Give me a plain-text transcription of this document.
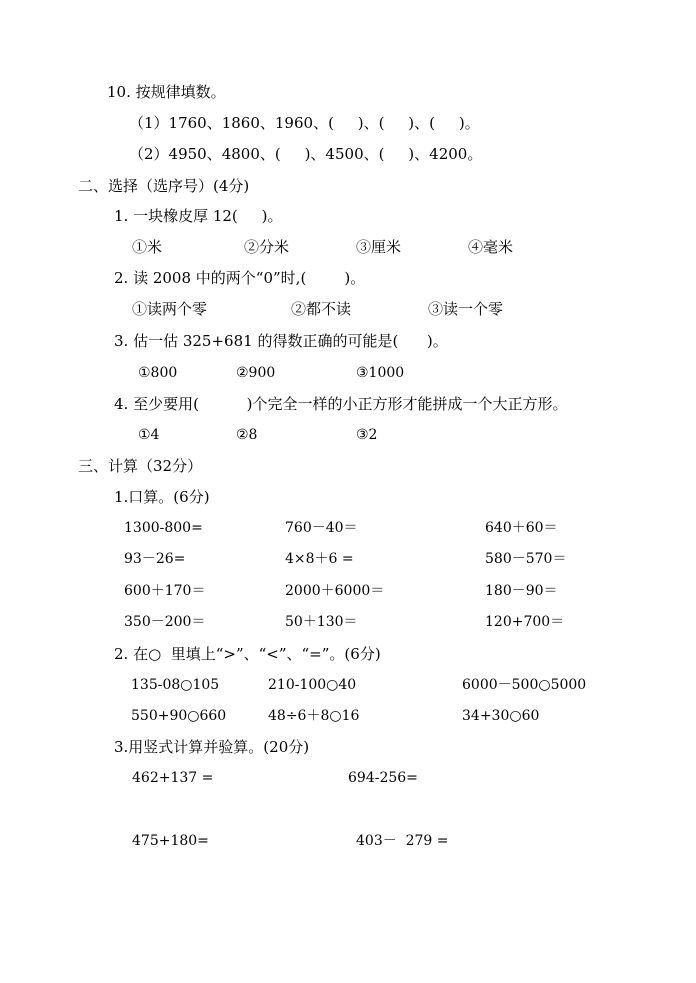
10. 按规律填数。
（1）1760、1860、1960、(     )、(     )、(     )。
（2）4950、4800、(     )、4500、(     )、4200。
二、选择（选序号）(4分)
1. 一块橡皮厚 12(     )。
①米	②分米	③厘米	④毫米
2. 读 2008 中的两个“0”时,(        )。
①读两个零	②都不读	③读一个零
3. 估一估 325+681 的得数正确的可能是(      )。
①800	②900	③1000
4. 至少要用(          )个完全一样的小正方形才能拼成一个大正方形。
①4	②8	③2
三、计算（32分）
1.口算。(6分)
1300-800=	760－40＝	640＋60＝
93－26=	4×8＋6 =	580－570＝
600＋170＝	2000＋6000＝	180－90＝
350－200＝	50＋130＝	120+700＝
2. 在○  里填上“>”、“<”、“=”。(6分)
135-08○105	210-100○40	6000－500○5000
550+90○660	48÷6＋8○16	34+30○60
3.用竖式计算并验算。(20分)
462+137 =	694-256=
475+180=	403－  279 =
